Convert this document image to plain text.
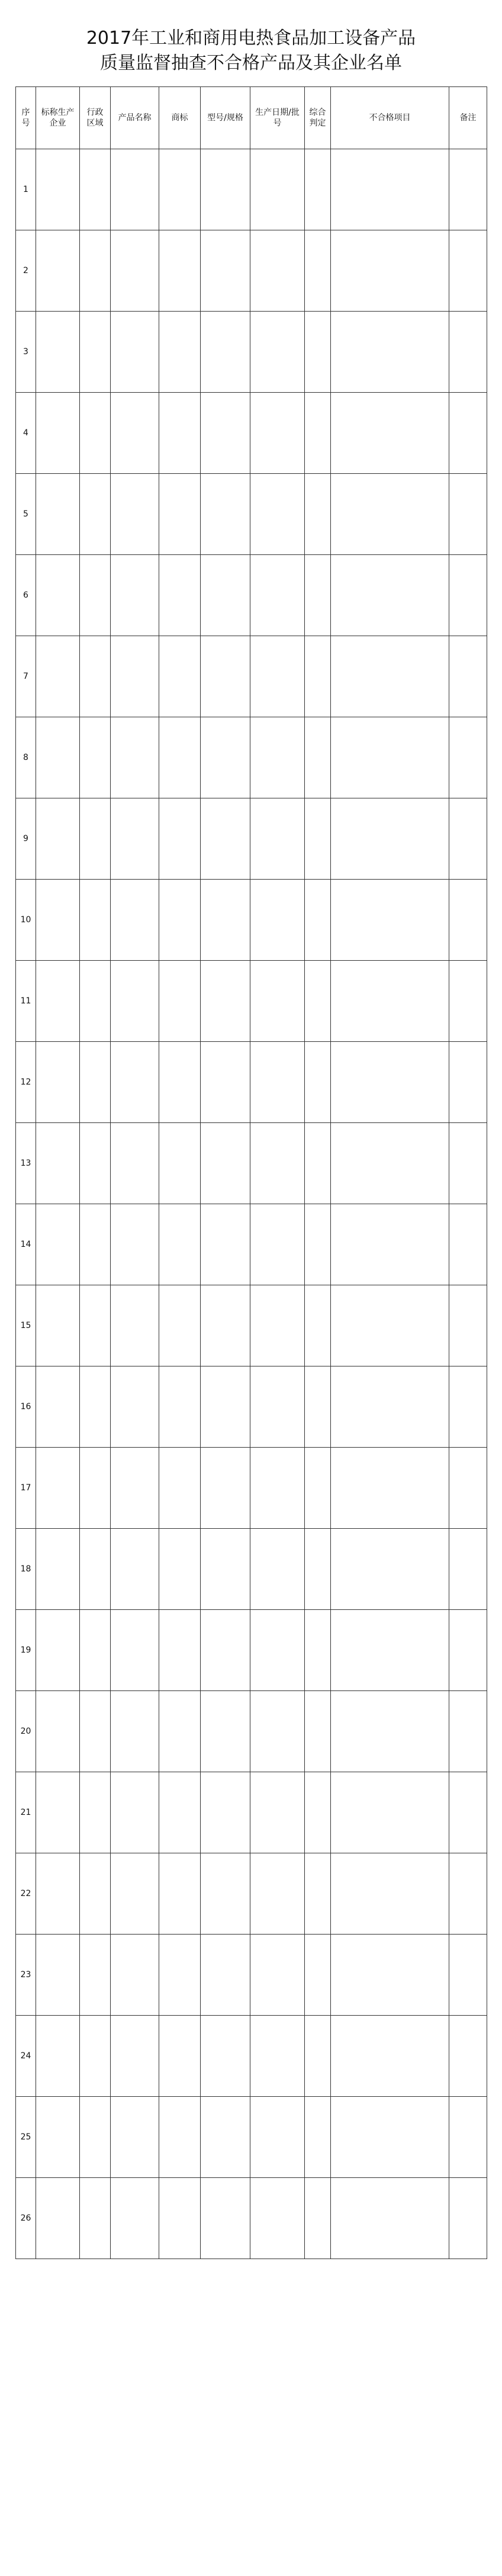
2017年工业和商用电热食品加工设备产品
质量监督抽查不合格产品及其企业名单
序号	标称生产企业	行政区域	产品名称	商标	型号/规格	生产日期/批号	综合判定	不合格项目	备注
1									
2									
3									
4									
5									
6									
7									
8									
9									
10									
11									
12									
13									
14									
15									
16									
17									
18									
19									
20									
21									
22									
23									
24									
25									
26									
